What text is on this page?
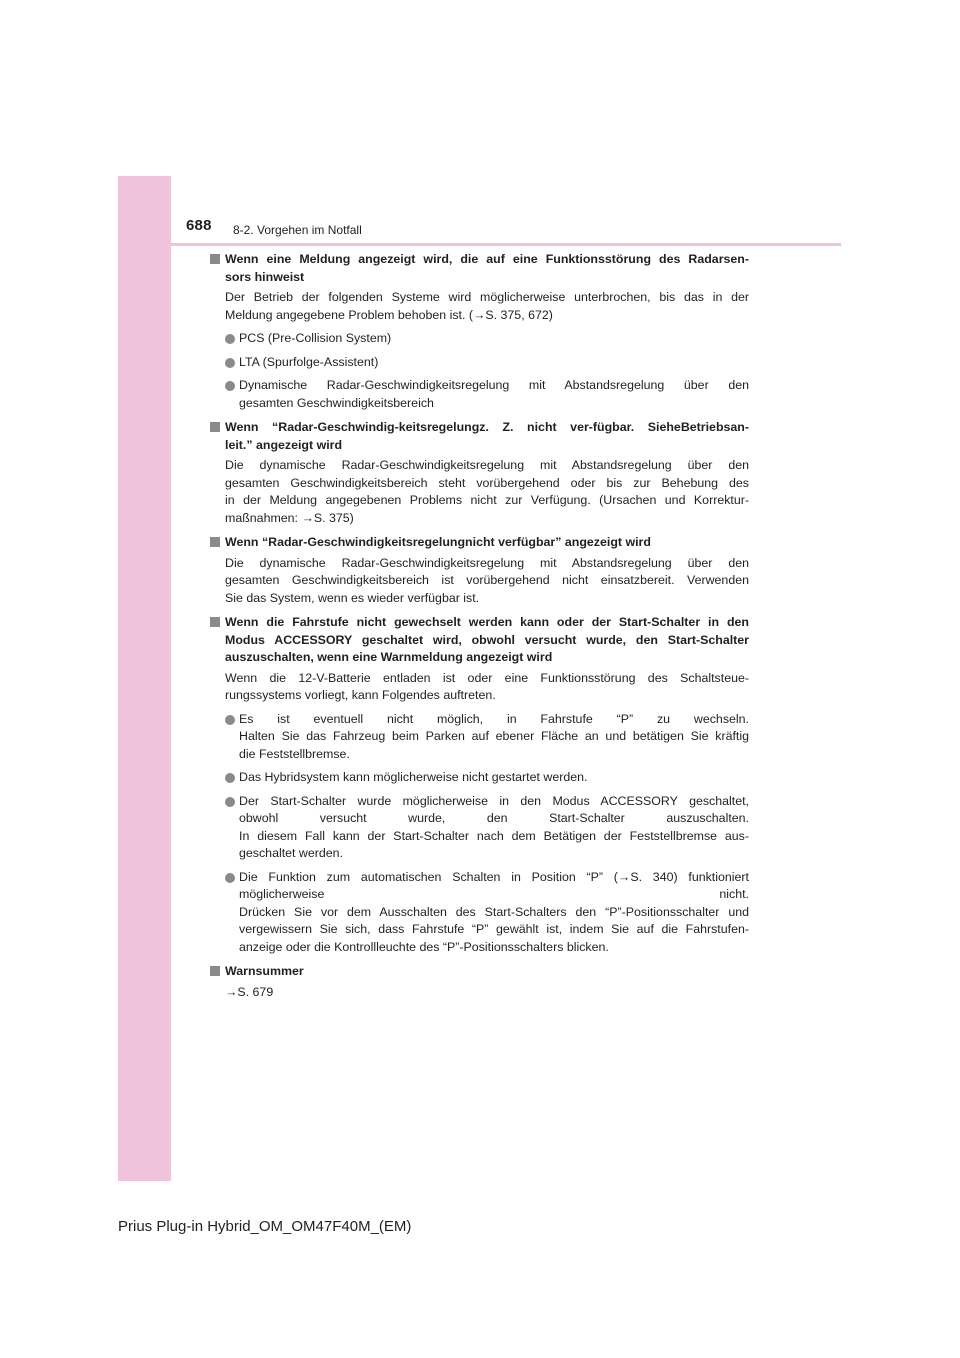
688 8-2. Vorgehen im Notfall
Wenn eine Meldung angezeigt wird, die auf eine Funktionsstörung des Radarsen-
sors hinweist
Der Betrieb der folgenden Systeme wird möglicherweise unterbrochen, bis das in der
Meldung angegebene Problem behoben ist. (→S. 375, 672)
PCS (Pre-Collision System)
LTA (Spurfolge-Assistent)
Dynamische Radar-Geschwindigkeitsregelung mit Abstandsregelung über den
gesamten Geschwindigkeitsbereich
Wenn “Radar-Geschwindig-keitsregelungz. Z. nicht ver-fügbar. SieheBetriebsan-
leit.” angezeigt wird
Die dynamische Radar-Geschwindigkeitsregelung mit Abstandsregelung über den
gesamten Geschwindigkeitsbereich steht vorübergehend oder bis zur Behebung des
in der Meldung angegebenen Problems nicht zur Verfügung. (Ursachen und Korrektur-
maßnahmen: →S. 375)
Wenn “Radar-Geschwindigkeitsregelungnicht verfügbar” angezeigt wird
Die dynamische Radar-Geschwindigkeitsregelung mit Abstandsregelung über den
gesamten Geschwindigkeitsbereich ist vorübergehend nicht einsatzbereit. Verwenden
Sie das System, wenn es wieder verfügbar ist.
Wenn die Fahrstufe nicht gewechselt werden kann oder der Start-Schalter in den
Modus ACCESSORY geschaltet wird, obwohl versucht wurde, den Start-Schalter
auszuschalten, wenn eine Warnmeldung angezeigt wird
Wenn die 12-V-Batterie entladen ist oder eine Funktionsstörung des Schaltsteue-
rungssystems vorliegt, kann Folgendes auftreten.
Es ist eventuell nicht möglich, in Fahrstufe “P” zu wechseln.
Halten Sie das Fahrzeug beim Parken auf ebener Fläche an und betätigen Sie kräftig
die Feststellbremse.
Das Hybridsystem kann möglicherweise nicht gestartet werden.
Der Start-Schalter wurde möglicherweise in den Modus ACCESSORY geschaltet,
obwohl versucht wurde, den Start-Schalter auszuschalten.
In diesem Fall kann der Start-Schalter nach dem Betätigen der Feststellbremse aus-
geschaltet werden.
Die Funktion zum automatischen Schalten in Position “P” (→S. 340) funktioniert
möglicherweise nicht.
Drücken Sie vor dem Ausschalten des Start-Schalters den “P”-Positionsschalter und
vergewissern Sie sich, dass Fahrstufe “P” gewählt ist, indem Sie auf die Fahrstufen-
anzeige oder die Kontrollleuchte des “P”-Positionsschalters blicken.
Warnsummer
→S. 679
Prius Plug-in Hybrid_OM_OM47F40M_(EM)
